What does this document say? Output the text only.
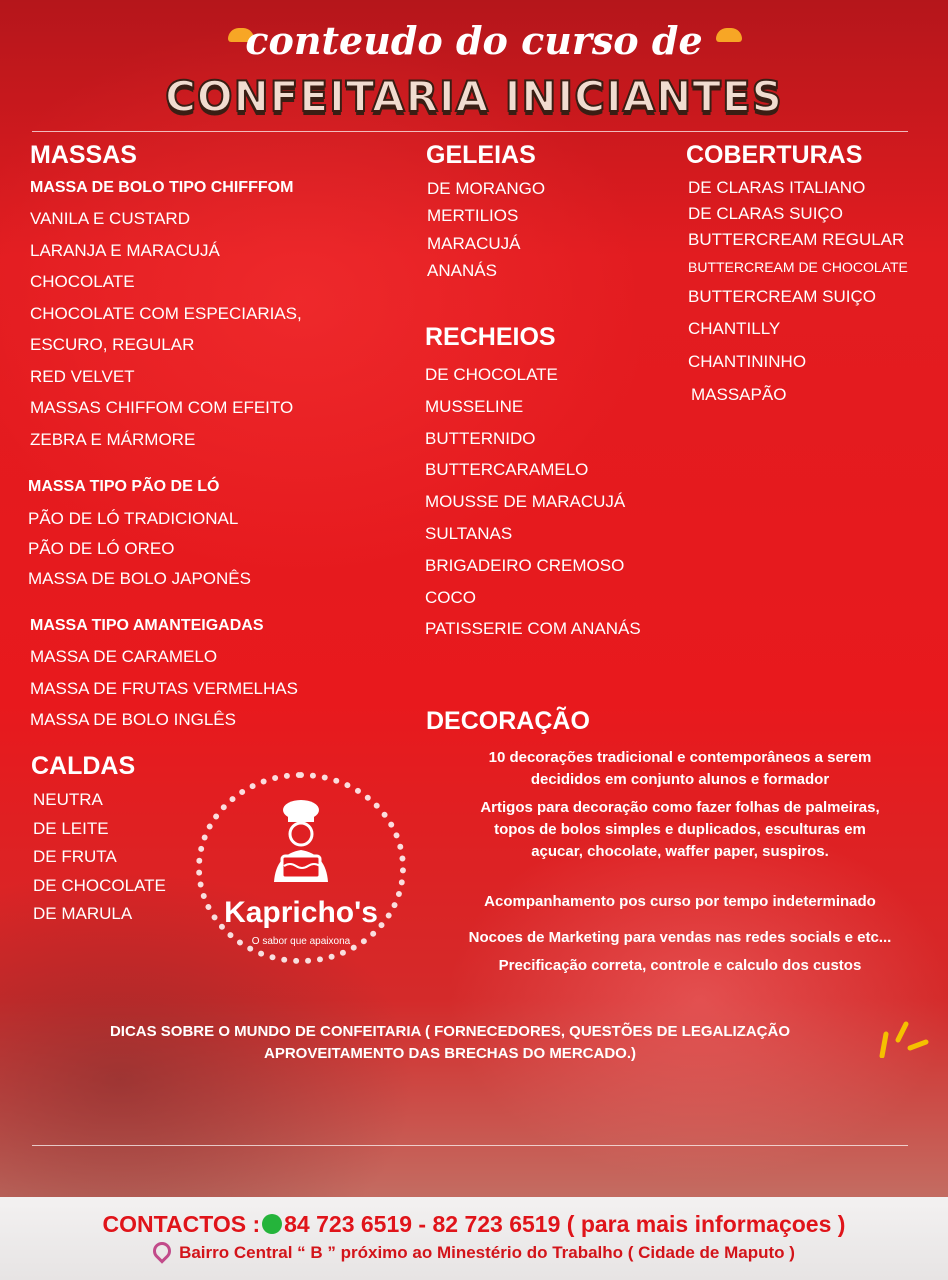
conteudo do curso de
CONFEITARIA INICIANTES
MASSAS
MASSA DE BOLO TIPO CHIFFFOM
VANILA E CUSTARD
LARANJA E MARACUJÁ
CHOCOLATE
CHOCOLATE COM ESPECIARIAS,
ESCURO, REGULAR
RED VELVET
MASSAS CHIFFOM COM EFEITO
ZEBRA E MÁRMORE
MASSA TIPO PÃO DE LÓ
PÃO DE LÓ TRADICIONAL
PÃO DE LÓ OREO
MASSA DE BOLO JAPONÊS
MASSA TIPO AMANTEIGADAS
MASSA DE CARAMELO
MASSA DE FRUTAS VERMELHAS
MASSA DE BOLO INGLÊS
CALDAS
NEUTRA
DE LEITE
DE FRUTA
DE CHOCOLATE
DE MARULA	Kapricho's
O sabor que apaixona
GELEIAS
DE MORANGO
MERTILIOS
MARACUJÁ
ANANÁS
RECHEIOS
DE CHOCOLATE
MUSSELINE
BUTTERNIDO
BUTTERCARAMELO
MOUSSE DE MARACUJÁ
SULTANAS
BRIGADEIRO CREMOSO
COCO
PATISSERIE COM ANANÁS
COBERTURAS
DE CLARAS ITALIANO
DE CLARAS SUIÇO
BUTTERCREAM REGULAR
BUTTERCREAM DE CHOCOLATE
BUTTERCREAM SUIÇO
CHANTILLY
CHANTININHO
MASSAPÃO
DECORAÇÃO
10 decorações tradicional e contemporâneos a serem
decididos em conjunto alunos e formador
Artigos para decoração como fazer folhas de palmeiras,
topos de bolos simples e duplicados, esculturas em
açucar, chocolate, waffer paper, suspiros.
Acompanhamento pos curso por tempo indeterminado
Nocoes de Marketing para vendas nas redes socials e etc...
Precificação correta, controle e calculo dos custos
DICAS SOBRE O MUNDO DE CONFEITARIA ( FORNECEDORES, QUESTÕES DE LEGALIZAÇÃO
APROVEITAMENTO DAS BRECHAS DO MERCADO.)
CONTACTOS : 84 723 6519 - 82 723 6519 ( para mais informaçoes )
Bairro Central “ B ” próximo ao Minestério do Trabalho ( Cidade de Maputo )
